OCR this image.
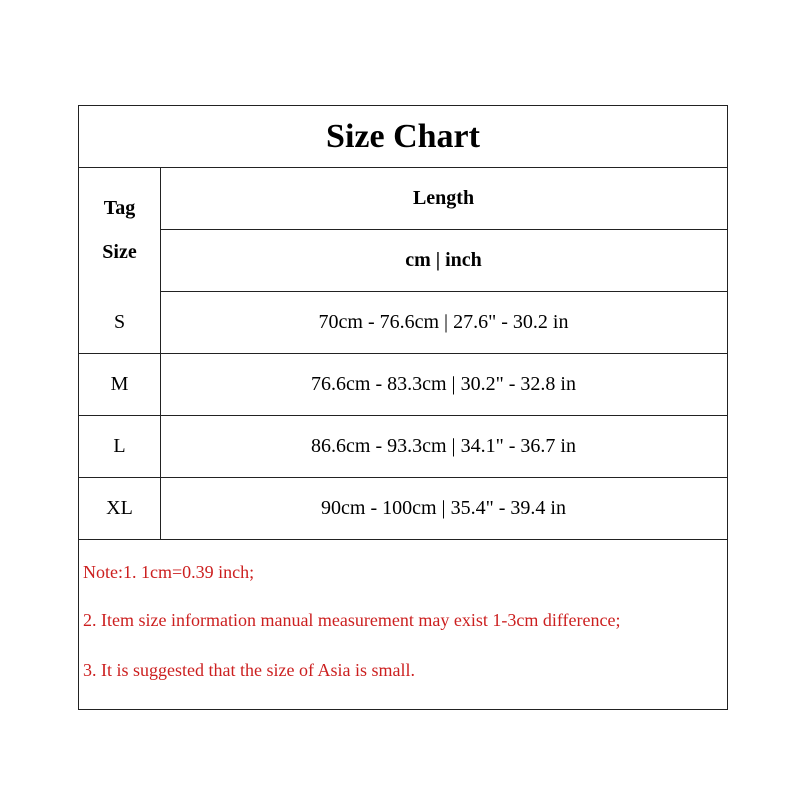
Size Chart
Tag
Size
Length
cm | inch
S	70cm - 76.6cm | 27.6" - 30.2 in
M	76.6cm - 83.3cm | 30.2" - 32.8 in
L	86.6cm - 93.3cm | 34.1" - 36.7 in
XL	90cm - 100cm | 35.4" - 39.4 in
Note:1. 1cm=0.39 inch;
2. Item size information manual measurement may exist 1-3cm difference;
3. It is suggested that the size of Asia is small.
